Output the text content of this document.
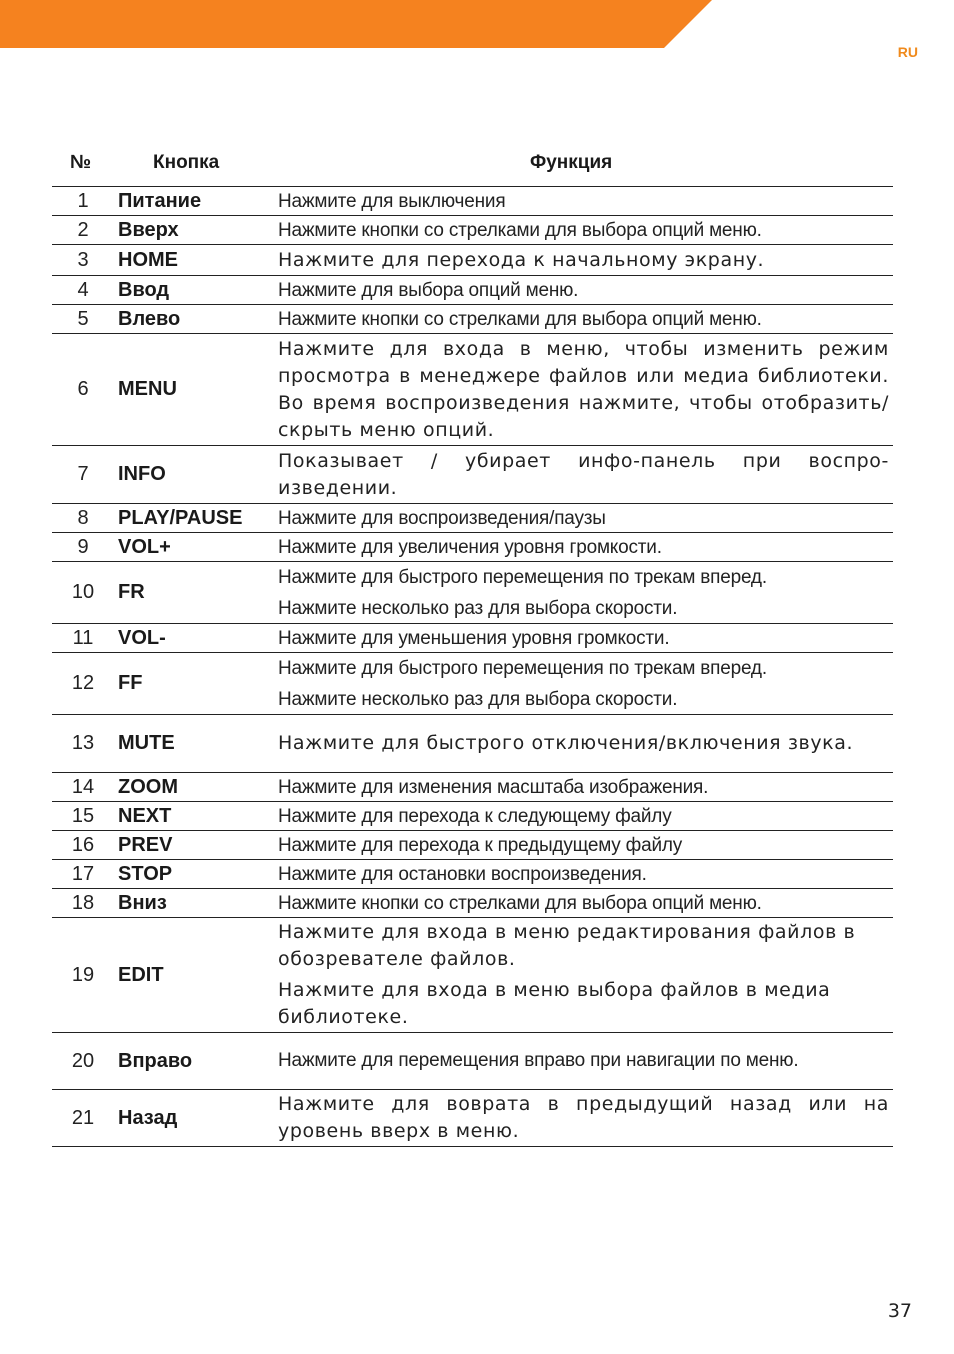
RU
№	Кнопка	Функция
1	Питание	Нажмите для выключения

2	Вверх	Нажмите кнопки со стрелками для выбора опций меню.

3	HOME	Нажмите для перехода к начальному экрану.

4	Ввод	Нажмите для выбора опций меню.

5	Влево	Нажмите кнопки со стрелками для выбора опций меню.

6	MENU	Нажмите для входа в меню, чтобы изменить режим просмотра в менеджере файлов или медиа библиотеки. Во время воспроизведения нажмите, чтобы отобразить/скрыть меню опций.

7	INFO	Показывает / убирает инфо-панель при воспро-изведении.

8	PLAY/PAUSE	Нажмите для воспроизведения/паузы

9	VOL+	Нажмите для увеличения уровня громкости.

10	FR	Нажмите для быстрого перемещения по трекам вперед.
Нажмите несколько раз для выбора скорости.

11	VOL-	Нажмите для уменьшения уровня громкости.

12	FF	Нажмите для быстрого перемещения по трекам вперед.
Нажмите несколько раз для выбора скорости.

13	MUTE	Нажмите для быстрого отключения/включения звука.

14	ZOOM	Нажмите для изменения масштаба изображения.

15	NEXT	Нажмите для перехода к следующему файлу

16	PREV	Нажмите для перехода к предыдущему файлу

17	STOP	Нажмите для остановки воспроизведения.

18	Вниз	Нажмите кнопки со стрелками для выбора опций меню.

19	EDIT	Нажмите для входа в меню редактирования файлов в обозревателе файлов.
Нажмите для входа в меню выбора файлов в медиа библиотеке.

20	Вправо	Нажмите для перемещения вправо при навигации по меню.

21	Назад	Нажмите для воврата в предыдущий назад или на уровень вверх в меню.
37
